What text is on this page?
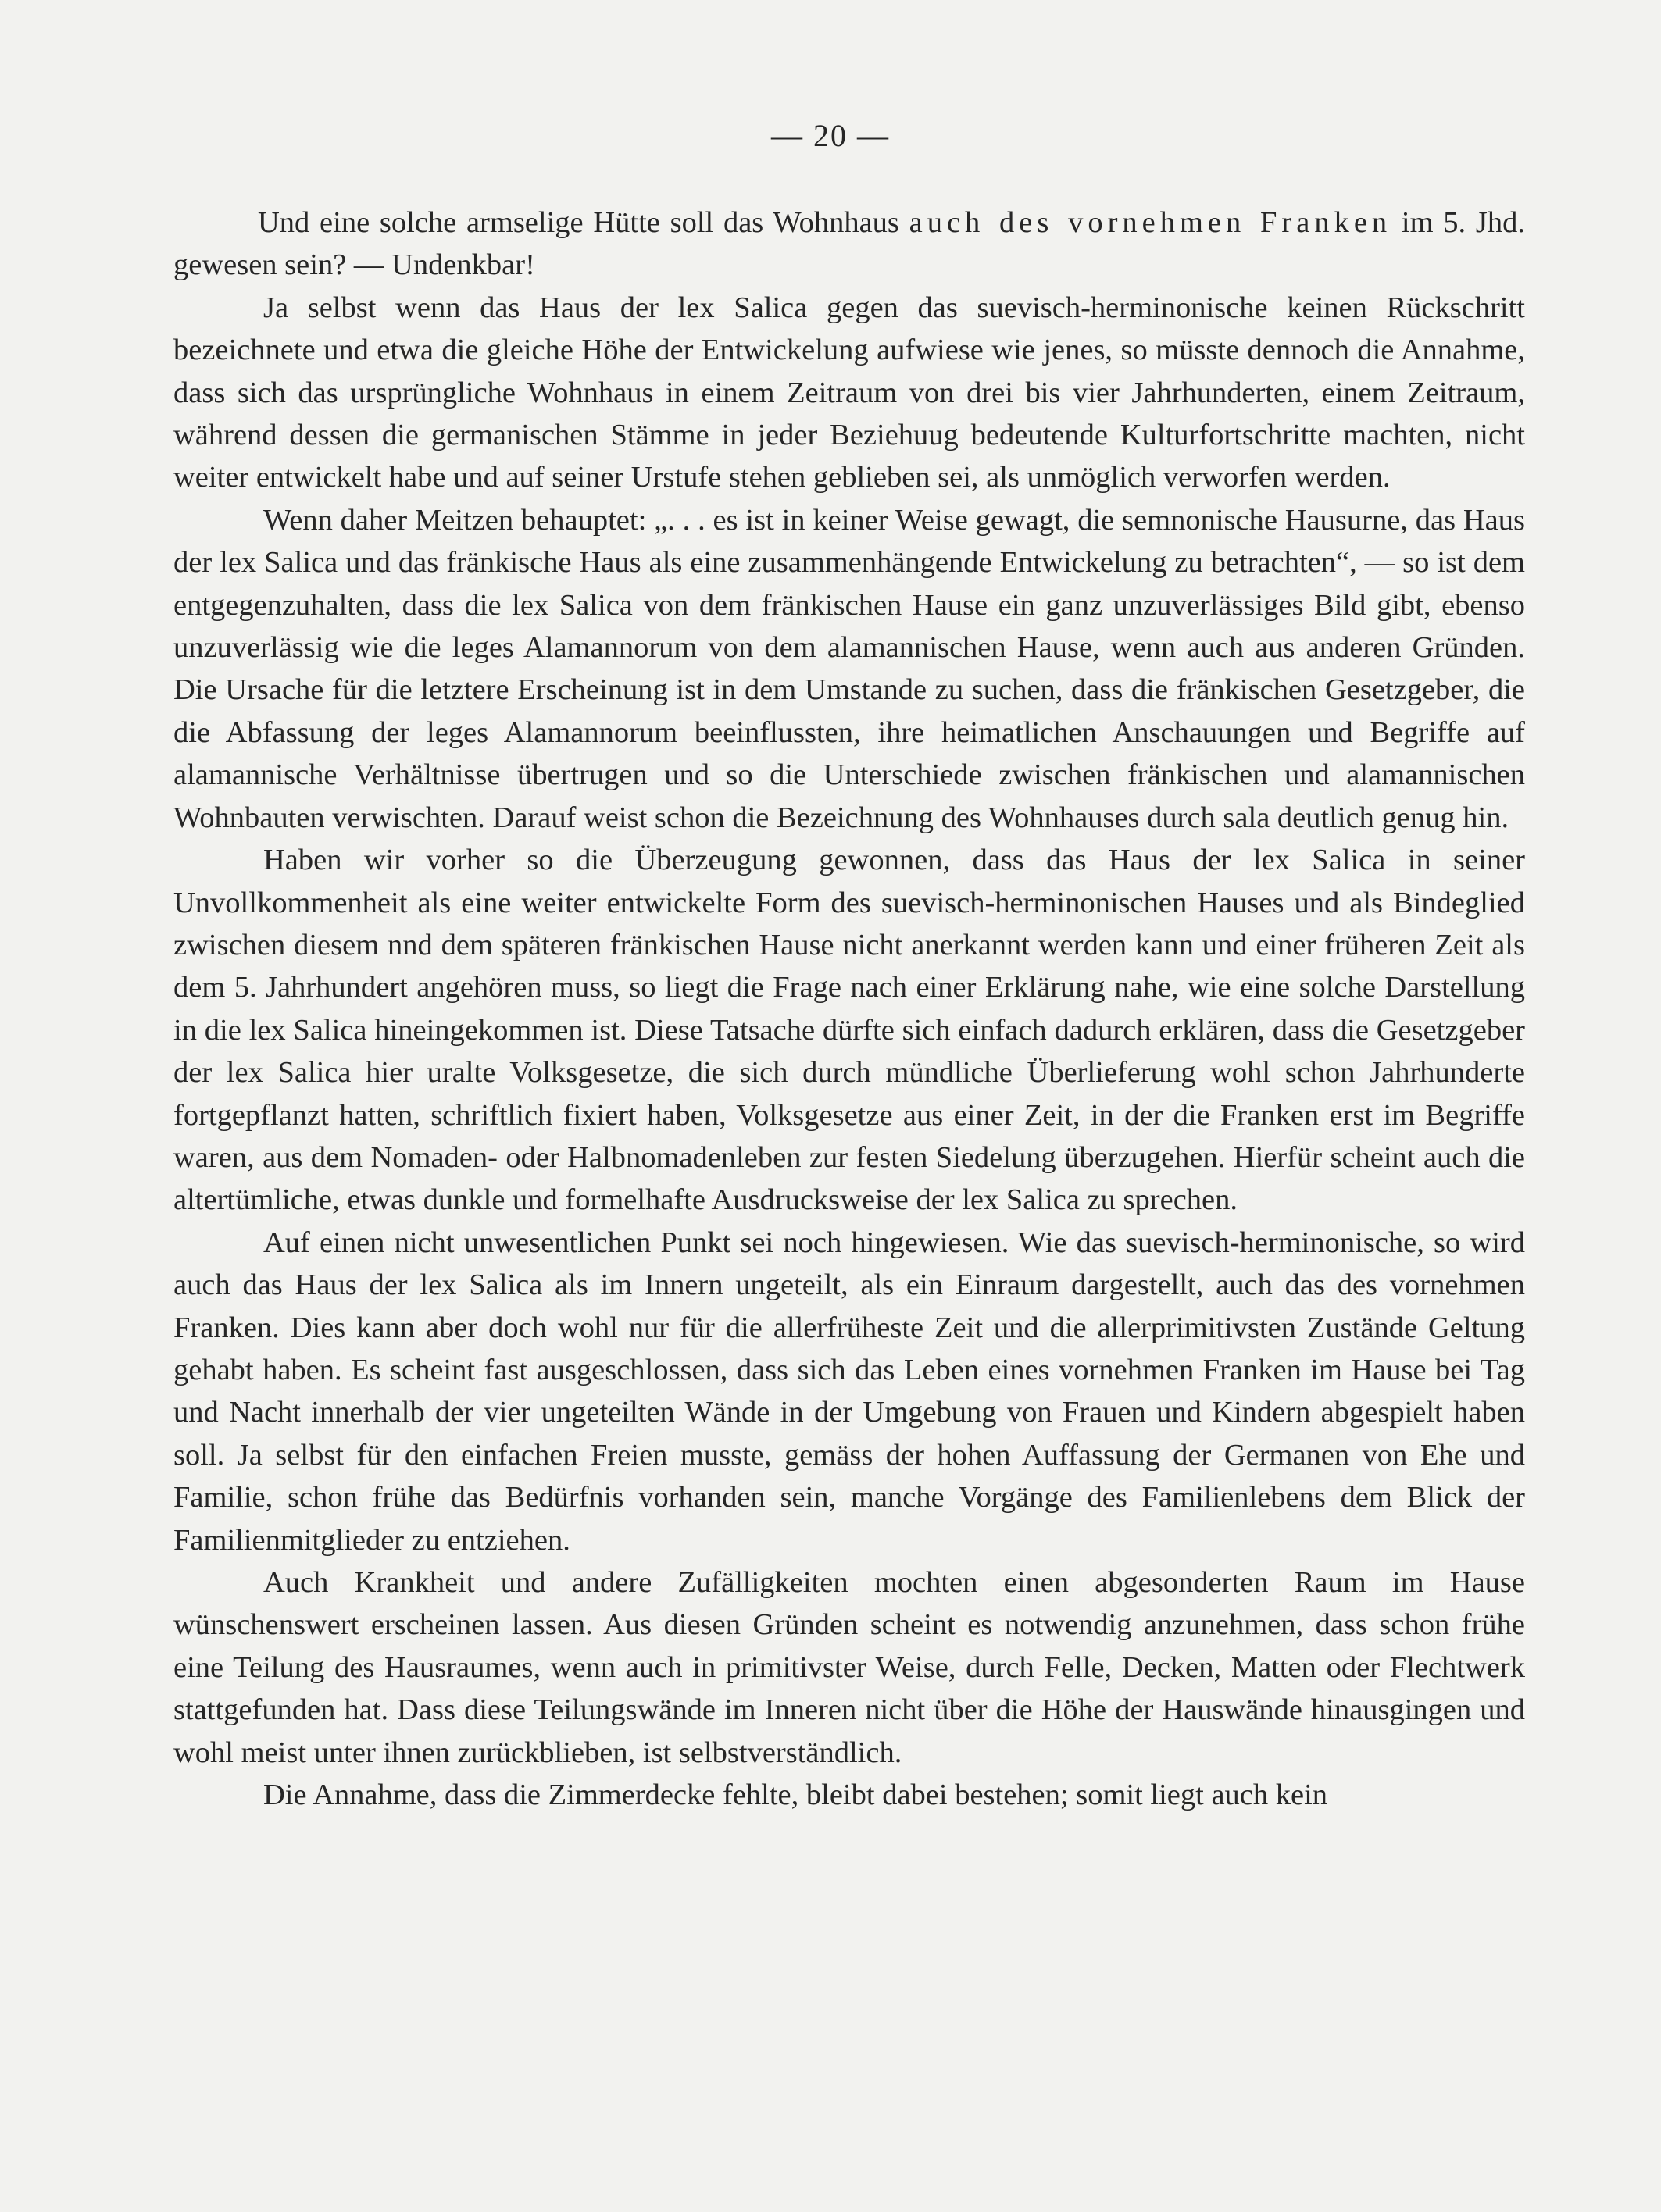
— 20 —

Und eine solche armselige Hütte soll das Wohnhaus auch des vornehmen Franken im 5. Jhd. gewesen sein? — Undenkbar!

Ja selbst wenn das Haus der lex Salica gegen das suevisch-herminonische keinen Rückschritt bezeichnete und etwa die gleiche Höhe der Entwickelung aufwiese wie jenes, so müsste dennoch die Annahme, dass sich das ursprüngliche Wohnhaus in einem Zeitraum von drei bis vier Jahrhunderten, einem Zeitraum, während dessen die germanischen Stämme in jeder Beziehuug bedeutende Kulturfortschritte machten, nicht weiter entwickelt habe und auf seiner Urstufe stehen geblieben sei, als unmöglich verworfen werden.

Wenn daher Meitzen behauptet: „. . . es ist in keiner Weise gewagt, die semnonische Hausurne, das Haus der lex Salica und das fränkische Haus als eine zusammenhängende Entwickelung zu betrachten“, — so ist dem entgegenzuhalten, dass die lex Salica von dem fränkischen Hause ein ganz unzuverlässiges Bild gibt, ebenso unzuverlässig wie die leges Alamannorum von dem alamannischen Hause, wenn auch aus anderen Gründen. Die Ursache für die letztere Erscheinung ist in dem Umstande zu suchen, dass die fränkischen Gesetzgeber, die die Abfassung der leges Alamannorum beeinflussten, ihre heimatlichen Anschauungen und Begriffe auf alamannische Verhältnisse übertrugen und so die Unterschiede zwischen fränkischen und alamannischen Wohnbauten verwischten. Darauf weist schon die Bezeichnung des Wohnhauses durch sala deutlich genug hin.

Haben wir vorher so die Überzeugung gewonnen, dass das Haus der lex Salica in seiner Unvollkommenheit als eine weiter entwickelte Form des suevisch-herminonischen Hauses und als Bindeglied zwischen diesem nnd dem späteren fränkischen Hause nicht anerkannt werden kann und einer früheren Zeit als dem 5. Jahrhundert angehören muss, so liegt die Frage nach einer Erklärung nahe, wie eine solche Darstellung in die lex Salica hineingekommen ist. Diese Tatsache dürfte sich einfach dadurch erklären, dass die Gesetzgeber der lex Salica hier uralte Volksgesetze, die sich durch mündliche Überlieferung wohl schon Jahrhunderte fortgepflanzt hatten, schriftlich fixiert haben, Volksgesetze aus einer Zeit, in der die Franken erst im Begriffe waren, aus dem Nomaden- oder Halbnomadenleben zur festen Siedelung überzugehen. Hierfür scheint auch die altertümliche, etwas dunkle und formelhafte Ausdrucksweise der lex Salica zu sprechen.

Auf einen nicht unwesentlichen Punkt sei noch hingewiesen. Wie das suevisch-herminonische, so wird auch das Haus der lex Salica als im Innern ungeteilt, als ein Einraum dargestellt, auch das des vornehmen Franken. Dies kann aber doch wohl nur für die allerfrüheste Zeit und die allerprimitivsten Zustände Geltung gehabt haben. Es scheint fast ausgeschlossen, dass sich das Leben eines vornehmen Franken im Hause bei Tag und Nacht innerhalb der vier ungeteilten Wände in der Umgebung von Frauen und Kindern abgespielt haben soll. Ja selbst für den einfachen Freien musste, gemäss der hohen Auffassung der Germanen von Ehe und Familie, schon frühe das Bedürfnis vorhanden sein, manche Vorgänge des Familienlebens dem Blick der Familienmitglieder zu entziehen.

Auch Krankheit und andere Zufälligkeiten mochten einen abgesonderten Raum im Hause wünschenswert erscheinen lassen. Aus diesen Gründen scheint es notwendig anzunehmen, dass schon frühe eine Teilung des Hausraumes, wenn auch in primitivster Weise, durch Felle, Decken, Matten oder Flechtwerk stattgefunden hat. Dass diese Teilungswände im Inneren nicht über die Höhe der Hauswände hinausgingen und wohl meist unter ihnen zurückblieben, ist selbstverständlich.

Die Annahme, dass die Zimmerdecke fehlte, bleibt dabei bestehen; somit liegt auch kein
